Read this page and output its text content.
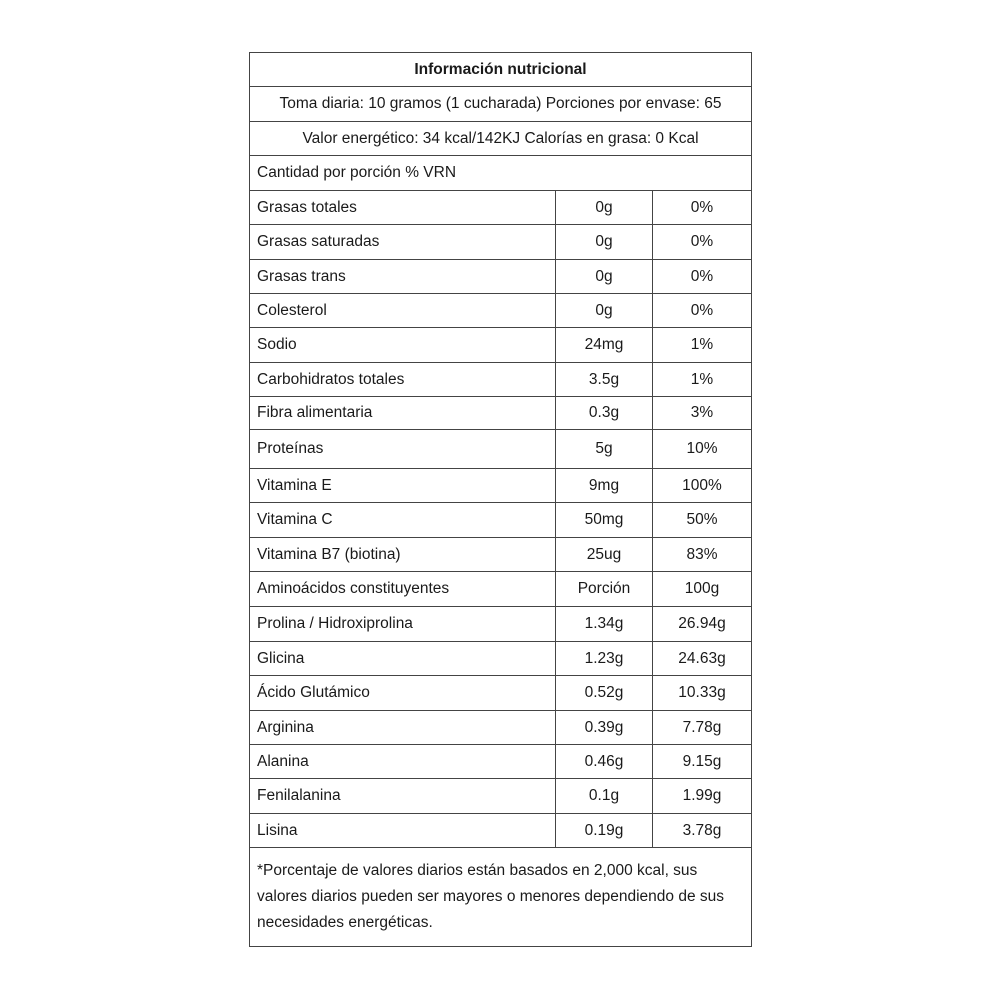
Información nutricional
Toma diaria: 10 gramos (1 cucharada) Porciones por envase: 65
Valor energético: 34 kcal/142KJ Calorías en grasa: 0 Kcal
Cantidad por porción % VRN
Grasas totales	0g	0%
Grasas saturadas	0g	0%
Grasas trans	0g	0%
Colesterol	0g	0%
Sodio	24mg	1%
Carbohidratos totales	3.5g	1%
Fibra alimentaria	0.3g	3%
Proteínas	5g	10%
Vitamina E	9mg	100%
Vitamina C	50mg	50%
Vitamina B7 (biotina)	25ug	83%
Aminoácidos constituyentes	Porción	100g
Prolina / Hidroxiprolina	1.34g	26.94g
Glicina	1.23g	24.63g
Ácido Glutámico	0.52g	10.33g
Arginina	0.39g	7.78g
Alanina	0.46g	9.15g
Fenilalanina	0.1g	1.99g
Lisina	0.19g	3.78g
*Porcentaje de valores diarios están basados en 2,000 kcal, sus valores diarios pueden ser mayores o menores dependiendo de sus necesidades energéticas.
